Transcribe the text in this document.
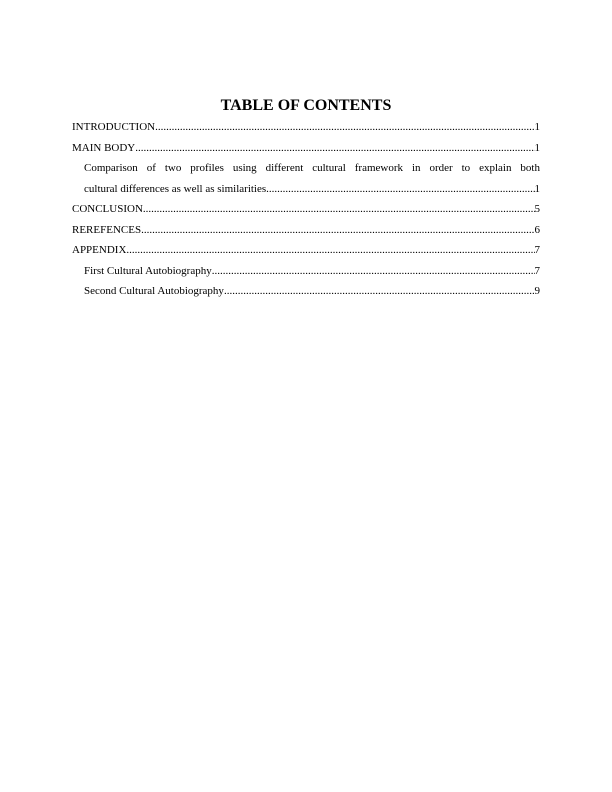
TABLE OF CONTENTS
INTRODUCTION .....	1
MAIN BODY .....	1
Comparison of two profiles using different cultural framework in order to explain both
cultural differences as well as similarities .....	1
CONCLUSION .....	5
REREFENCES .....	6
APPENDIX .....	7
First Cultural Autobiography .....	7
Second Cultural Autobiography .....	9
